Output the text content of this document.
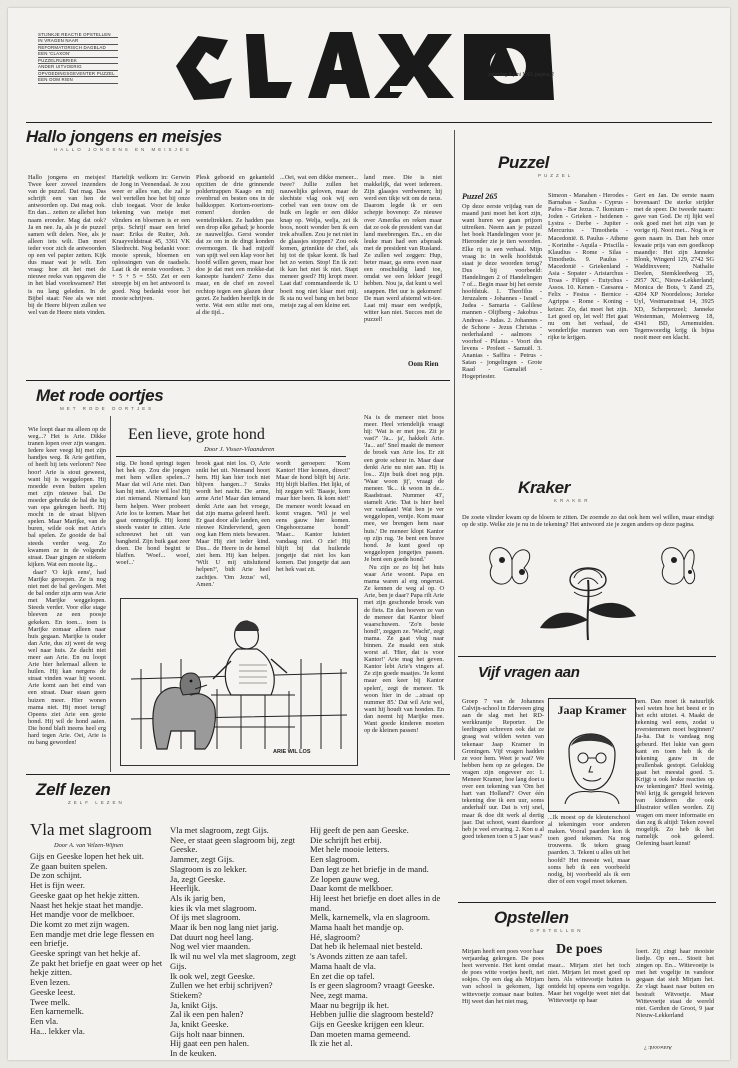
STIJNKJE REACTIE OPSTELLEN
IN VRAGEN NAAR
REFORMATORISCH DAGBLAD
EEN 'CLAXON'
PUZZELRUBRIEK
ANDER UITVOERIG
OPVOEDINGSGEVENTER PUZZEL
EEN OOM RIEN
zaterdag 8 juni 1991 pagina 2
Hallo jongens en meisjes
HALLO JONGENS EN MEISJES

Hallo jongens en meisjes! Twee keer zoveel inzenders van de puzzel. Dat mag. Das schrijft een van hen de antwoorden op. Dat mag ook. En dan... zetten ze allebei hun naam eronder. Mag dat ook? Ja en nee. Ja, als je de puzzel samen wilt delen. Nee, als je alleen iets wilt. Dan moet ieder voor zich de antwoorden op een vel papier zetten. Kijk dus maar wat je wilt. Een vraag: hoe zit het met de nieuwe reeks van opgaven die in het blad voorkwamen? Het is nu lang geleden. In de Bijbel staat: Nee als we niet bij de Heere blijven zullen we wel van de Heere niets vinden.

Hartelijk welkom in: Gerwin de Jong in Veenendaal. Je zou weer er alles van, die zal je wel vertellen hoe het bij onze club toegaat. Voor de leuke tekening van meisje met vlinders en bloemen is er een prijs. Schrijf maar een brief naar: Erika de Ruiter, Joh. Kraayveldstraat 45, 3361 VK Sliedrecht. Nog bedankt voor: mooie spreuk, bloemen en oplossingen van de raadsels. Laat ik de eerste voordoen. 3 + 5 + 5 = 550. Zet er een streepje bij en het antwoord is goed. Nog bedankt voor het mooie schrijven.

Plesk geboeid en gekanteld opzitten de drie grinnende poldertrappen Kaago en mij ovenbrud en besten ons in de balkkopper. Kortom-roertom-romen! dorden de wenteltrekken. Ze hadden pas een drop elke gehad; je hoorde ze nauwelijks. Gerst wonder dat ze om in de dingt konden overmorgen. Ik had mijzelf van spijt wel een klap voor het hoofd willen geven, maar hoe doe je dat met een mokke-dat kanoepte handen? Zeno dus maar, en de chef en zoveel rechtop tegen een glazen deur gezet. Ze hadden heerlijk in de verte. Wat een stilte met ons, al die tijd...

...Oei, wat een dikke meneer... twee? Jullie zullen het nauwelijks geloven, maar de slechtste vlag ook wij een corbel van een touw om de buik en legde er een dikke knap op. Welja, welja, zei ik boos, nooit wonder ben ik een trek afvallen. Zou je net niet in de glaasjes stoppen? Zou ook komen, grinnikte de chef, als hij tot de ijskar komt. Ik had het zo weten. Stop! En ik zei: ik kan het niet ik niet. Stapt meneer goed? Hij kropt meer. Laat dat! commandeerde ik. U boeit nog niet klaar met mij. Ik sta nu wel bang en het boze meisje zag al een kleine eet.

land mee. Die is niet makkelijk, dat weet iedereen. Zijn glaasjes verdwenen; hij werd een tikje wit om de neus. Daarom legde ik er een schepje bovenop: Ze nieuwe over Amerika en reken maar dat ze ook de president van dat land meebrengen. En... en die leuke man had een afspraak met de president van Rusland. Ze zullen wel zeggen: Hup, beter maar, ga eens even naar een onschuldig land toe, omdat we een lekker jeugd hebben. Nou ja, dat kunt u wel snappen. Het uur is gekomen! De man werd afstemd wit-tee. Laat mij maar een wedpijk, witter kan niet. Succes met de puzzel!

Oom Rien
Puzzel
PUZZEL
Puzzel 265

Op deze eerste vrijdag van de maand juni moet het kort zijn, want huren we gaan prijzen uitreiken. Neem aan je puzzel het boek Handelingen voor je. Hieronder zie je tien woorden. Elke rij is een verhaal. Mijn vraag is: in welk hoofdstuk staat je deze woorden terug? Dus bij voorbeeld: Handelingen 2 of Handelingen 7 of... Begin maar bij het eerste hoofdstuk. 1. Theofilus - Jeruzalem - Johannes - Israël - Judea - Samaria - Galilese mannen - Olijfberg - Jakobus - Andreas - Judas. 2. Johannes - de Schone - Jezus Christus - nederhaland - aalmoes - voorhof - Pilatus - Voort des levens - Profeet - Samuël. 3. Ananias - Saffira - Petrus - Satan - jongelingen - Grote Raad - Gamaliël - Hogepriester.

Simeon - Manahen - Herodes - Barnabas - Saulus - Cyprus - Pafos - Bar Jezus. 7. Ikonium - Joden - Grieken - heidenen - Lystra - Derbe - Jupiter - Mercurius - Timotheüs - Macedonië. 8. Paulus - Athene - Korinthe - Aquila - Priscilla - Klaudius - Rome - Silas - Timotheüs. 9. Paulus - Macedonië - Griekenland - Asia - Sopater - Aristarchus - Troas - Filippi - Eutychus - Assos. 10. Kenen - Caesarea - Felix - Festus - Bernice - Agrippa - Rome - Koning - keizer. Zo, dat moet het zijn. Let goed op, let wel! Het gaat nu om het verhaal, de wonderlijke mannen van een rijke te krijgen.

Gert en Jan. De eerste naam bovenaan! De sterke strijder met de speer. De tweede naam: gave van God. De rij lijkt wel ook goed met het zijn van je vorige rij. Noot met... Nog is er geen naam in. Dan heb onze kwaaie prijs van een goedkoop maandje: Het zijn Janneke Blonk, Wingerd 129, 2742 SG Waddinxveen; Nathalie Deelen, Stemkleedweg 35, 2957 XC, Nieuw-Lekkerland; Monica de Bots, 't Zand 25, 4204 XP Noordeloos; Jorieke Uyl, Vestmanstraat 14, 3925 XD, Scherpenzeel; Janneke Westenman, Molenweg 18, 4341 BD, Arnemuiden. Tegenwoordig krijg ik bijna nooit meer een klacht.

Kraker
KRAKER

De zoete vlinder kwam op de bloem te zitten. De zoemde zo dat ook hem wel willen, maar eindigt op de stip. Welke zie je nu in de tekening? Het antwoord zie je zegen anders op deze pagina.

Vijf vragen aan

Groep 7 van de Johannes Calvijn-school in Ederveen ging aan de slag met het RD-werkkrantje Reporter. De leerlingen schreven ook dat ze graag wat wilden weten van tekenaar Jaap Kramer in Groningen. Vijf vragen hadden ze voor hem. Weet je wat? We hebben hem op ze gelegen. De vragen zijn ongeveer zo: 1. Meneer Kramer, hoe lang doet u over een tekening van 'Om het hart van Holland'? Over één tekening doe ik een uur, soms anderhalf uur. Dat is vrij snel, maar ik doe dit werk al dertig jaar. Dat schoot, want daardoor heb je veel ervaring. 2. Kon u al goed tekenen toen u 5 jaar was?

Jaap Kramer

...Ik moest op de kleuterschool al tekeningen voor anderen maken. Vooral paarden kon ik toen goed tekenen. Na nog trouwens. Ik teken graag paarden. 3. Tekent u alles uit het hoofd? Het meeste wel, maar soms heb ik een voorbeeld nodig, bij voorbeeld als ik een dier of een vogel moet tekenen.

nen. Dan moet ik natuurlijk wel weten hoe het beest er in het echt uitziet. 4. Maakt de tekening wel eens, zodat u overstemmen moet beginnen? Ja-ha. Dat is vandaag nog gebeurd. Het lukte van geen kant en toen heb ik de tekening gauw in de prullenbak gestopt. Gelukkig gaat het meestal goed. 5. Krijgt u ook leuke reacties op uw tekeningen? Heel weinig. Wel krijg ik geregeld brieven van kinderen die ook illustrator willen worden. Zij vragen om meer informatie en dan zeg ik altijd: Teken zoveel mogelijk. Zo heb ik het namelijk ook geleerd. Oefening baart kunst!

Opstellen
OPSTELLEN

Mirjam heeft een poes voor haar verjaardag gekregen. De poes heet wervenie. Het kent omdat de poes witte voetjes heeft, net sokjes. Op een dag als Mirjam van school is gekomen, ligt wittevoetje zomaar naar buiten. Hij weet dan het niet mag,

De poes

maar... Mirjam ziet het toch niet. Mirjam let moet goed op hem. Als wittevoetje buiten is ontdekt hij opeens een vogeltje. Maar het vogeltje weet niet dat Wittevoetje op haar

loert. Zij zingt haar mooiste liedje. Op een... Stoeit het zingen op. En... Wittevoetje is met het vogeltje in vandoor gegaan dat stelt Mirjam het. Ze vlagt haast naar buiten en bestraft Witvoetje. Maar Wittevoetje staat de wereld niet. Gerdien de Groot, 9 jaar Nieuw-Lekkerland

Antwoord: 7
Met rode oortjes
MET RODE OORTJES

Wie loopt daar nu alleen op de weg...? Het is Arie. Dikke tranen lopen over zijn wangen. Iedere keer veegt hij met zijn handjes weg. Ik Arie getiften, of heeft hij iets verloren? Nee hoor! Arie is stout geweest, want hij is weggelopen. Hij moedde even buiten spelen met zijn nieuwe bal. De moeder gebruikt de bal die hij van opa gekregen heeft. Hij mocht in de straat blijven spelen. Maar Marijke, van de buren, wilde ook met Arie's bal spelen. Ze gooide de bal steeds verder weg. Zo kwamen ze in de volgende straat. Daar gingen ze stiekem kijken. Wat een mooie lig...

daar? 'O kijk eens', had Marijke geroepen. Ze is nog niet met de bal gevlogen. Met de bal onder zijn arm was Arie met Marijke weggelopen. Steeds verder. Voor elke stage bleeven ze een poosje gekeken. En toen... toen is Marijke zomaar alleen naar huis gegaan. Marijke is ouder dan Arie, dus zij weet de weg wel naar huis. Ze dacht niet meer aan Arie. En nu loopt Arie hier helemaal alleen te huilen. Hij kan nergens de straat vinden waar hij woont. Arie komt aan het eind van een straat. Daar staan geen huizen meer. Hier wonen mama niet. Hij moet terug! Opeens ziet Arie een grote hond. Hij wil de hond aaien. Die hond blaft ineens heel erg hard tegen Arie. Oei, Arie is nu bang geworden!

Een lieve, grote hond
Door J. Visser-Vlaanderen

stig. De hond springt tegen het hek op. Zou die jongen met hem willen spelen...? Maar dat wil Arie niet. Dan kan hij niet. Arie wil los! Hij ziet niemand. Niemand kan hem helpen. Weer probeert Arie los te komen. Maar het gaat onmogelijk. Hij komt steeds vaster te zitten. Arie schreeuwt het uit van bangheid. Zijn buik gaat zeer doen. De hond begint te blaffen. 'Woef... woef, woef...'

brook gaat niet los. O, Arie snikt het uit. Niemand hoort hem. Hij kan hier toch niet blijven hangen...? Straks wordt het nacht. De arme, arme Arie! Maar dan iemand denkt Arie aan het vroege, dat zijn mama geleerd heeft. Er gaat door alle landen, een nieuwe Kindervriend, geen oog kan Hem niets bewaren. Maar Hij ziet ieder kind. Dus... de Heere in de hemel ziet hem. Hij kan helpen. 'Wilt U mij uitsluitend helpen?', bidt Arie heel zachtjes. 'Om Jezus' wil, Amen.'

wordt geroepen: 'Kom Kantor! Hier komen, direct!' Maar de hond blijft bij Arie. Hij blijft blaffen. Het lijkt, of hij zeggen wil: 'Baasje, kom maar hier heen. Ik kom niet!' De meneer wordt kwaad en komt vragen. 'Wil je wel eens gauw hier komen. Ongehoorzame hond!' 'Maar... Kantor luistert vandaag niet. O zie! Hij blijft bij dat huilende jongetje dat niet los kan komen. Dat jongetje dat aan het hek vast zit.

Na is de meneer niet boos meer. Heel vriendelijk vraagt hij: 'Wat is er met jou. Zit je vast?' 'Ja... ja', hakkelt Arie. 'Ja... au!' Snel maakt de meneer de broek van Arie los. Er zit een grote scheur in. Maar daar denkt Arie nu niet aan. Hij is los... Zijn buik doet nog pijn. 'Waar woon jij', vraagt de meneer. 'Ik... ik woon in de... Raadstraat. Nummer 43', stamelt Arie. 'Dat is hier heel ver vandaan! Wat ben je ver weggelopen, ventje. Kom maar mee, we brengen hem naar huis.' De meneer klopt Kantor op zijn rug. 'Je bent een brave hond. Je kunt goed op weggelopen jongetjes passen. Je bent een goede hond.'

Nu zijn ze zo bij het huis waar Arie woont. Papa en mama waren al erg ongerust. Ze kennen de weg al op. O Arie, ben je daar? Papa rilt Arie met zijn geschonde broek van de fiets. En dan hoeven ze van de meneer dat Kantor bleef waarschuwen. 'Zo'n beste hond!', zeggen ze. 'Wacht', zegt mama. Ze gaat vlug naar binnen. Ze maakt een stuk worst af. 'Hier, dat is voor Kantor!' Arie mag het geven. Kantor lebt Arie's vingers af. Ze zijn goede maatjes. 'Je komt maar een keer bij Kantor spelen', zegt de meneer. 'Ik woon hier in de ...straat op nummer 85.' Dat wil Arie wel, want hij houdt van honden. En dan neemt hij Marijke mee. Want goede kinderen moeten op de kleinen passen!

ARIE WIL LOS
Zelf lezen
ZELF LEZEN
Vla met slagroom
Door A. van Velzen-Wijnen
Gijs en Geeske lopen het hek uit.
Ze gaan buiten spelen.
De zon schijnt.
Het is fijn weer.
Geeske gaat op het hekje zitten.
Naast het hekje staat het mandje.
Het mandje voor de melkboer.
Die komt zo met zijn wagen.
Een mandje met drie lege flessen en een briefje.
Geeske springt van het hekje af.
Ze pakt het briefje en gaat weer op het hekje zitten.
Even lezen.
Geeske leest.
Twee melk.
Een karnemelk.
Een vla.
Ha... lekker vla.
Vla met slagroom, zegt Gijs.
Nee, er staat geen slagroom bij, zegt Geeske.
Jammer, zegt Gijs.
Slagroom is zo lekker.
Ja, zegt Geeske.
Heerlijk.
Als ik jarig ben,
kies ik vla met slagroom.
Of ijs met slagroom.
Maar ik ben nog lang niet jarig.
Dat duurt nog heel lang.
Nog wel vier maanden.
Ik wil nu wel vla met slagroom, zegt Gijs.
Ik ook wel, zegt Geeske.
Zullen we het erbij schrijven?
Stiekem?
Ja, knikt Gijs.
Zal ik een pen halen?
Ja, knikt Geeske.
Gijs holt naar binnen.
Hij gaat een pen halen.
In de keuken.
Hij geeft de pen aan Geeske.
Die schrijft het erbij.
Met hele mooie letters.
Een slagroom.
Dan legt ze het briefje in de mand.
Ze lopen gauw weg.
Daar komt de melkboer.
Hij leest het briefje en doet alles in de mand.
Melk, karnemelk, vla en slagroom.
Mama haalt het mandje op.
Hé, slagroom?
Dat heb ik helemaal niet besteld.
's Avonds zitten ze aan tafel.
Mama haalt de vla.
En zet die op tafel.
Is er geen slagroom? vraagt Geeske.
Nee, zegt mama.
Maar nu begrijp ik het.
Hebben jullie die slagroom besteld?
Gijs en Geeske krijgen een kleur.
Dan moeten mama gemeend.
Ik zie het al.
